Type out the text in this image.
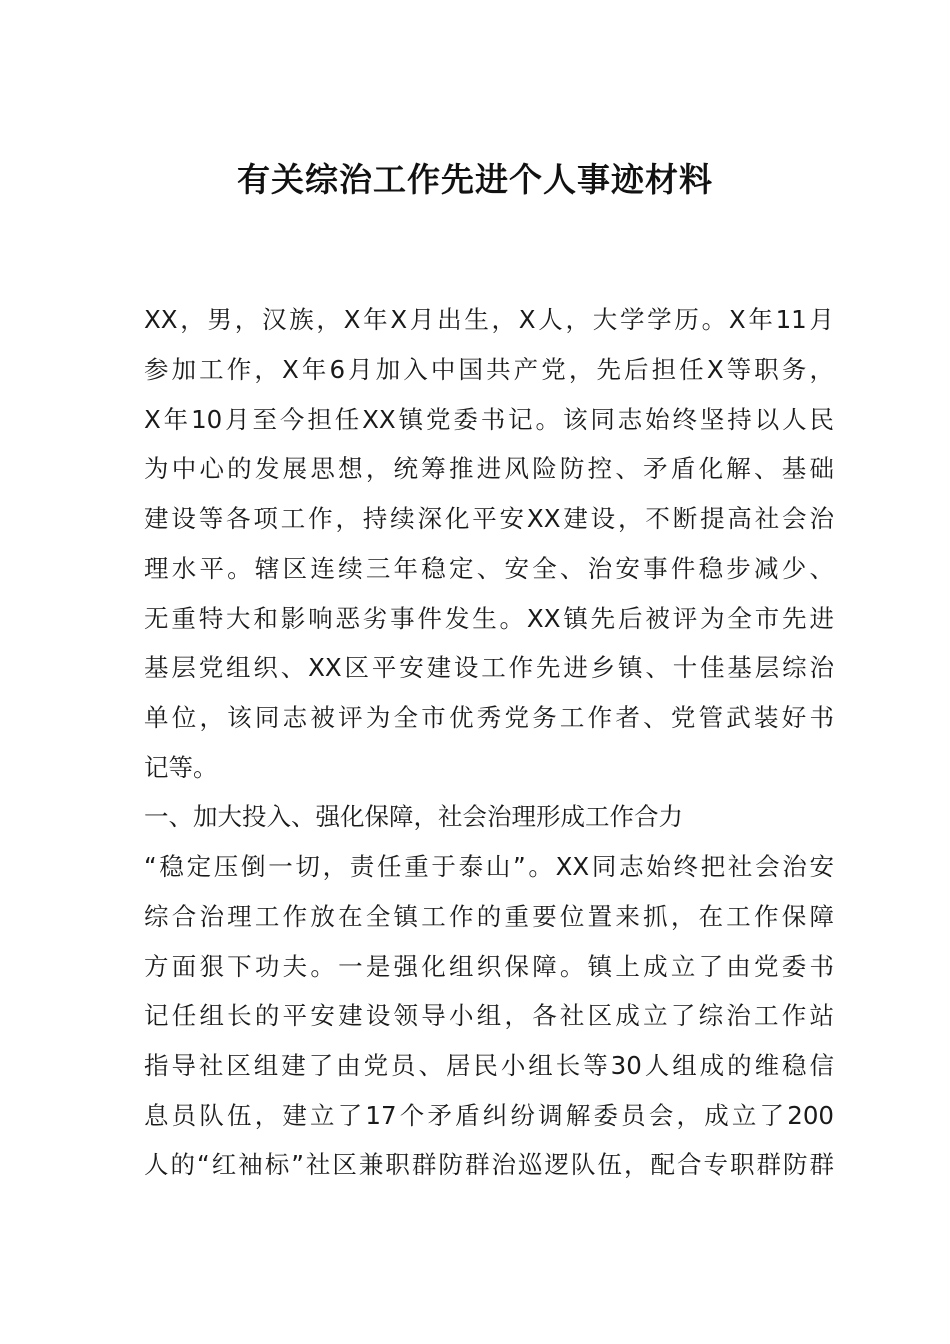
有关综治工作先进个人事迹材料
XX，男，汉族，X年X月出生，X人，大学学历。X年11月
参加工作，X年6月加入中国共产党，先后担任X等职务，
X年10月至今担任XX镇党委书记。该同志始终坚持以人民
为中心的发展思想，统筹推进风险防控、矛盾化解、基础
建设等各项工作，持续深化平安XX建设，不断提高社会治
理水平。辖区连续三年稳定、安全、治安事件稳步减少、
无重特大和影响恶劣事件发生。XX镇先后被评为全市先进
基层党组织、XX区平安建设工作先进乡镇、十佳基层综治
单位，该同志被评为全市优秀党务工作者、党管武装好书
记等。
一、加大投入、强化保障，社会治理形成工作合力
“稳定压倒一切，责任重于泰山”。XX同志始终把社会治安
综合治理工作放在全镇工作的重要位置来抓，在工作保障
方面狠下功夫。一是强化组织保障。镇上成立了由党委书
记任组长的平安建设领导小组，各社区成立了综治工作站
指导社区组建了由党员、居民小组长等30人组成的维稳信
息员队伍，建立了17个矛盾纠纷调解委员会，成立了200
人的“红袖标”社区兼职群防群治巡逻队伍，配合专职群防群
